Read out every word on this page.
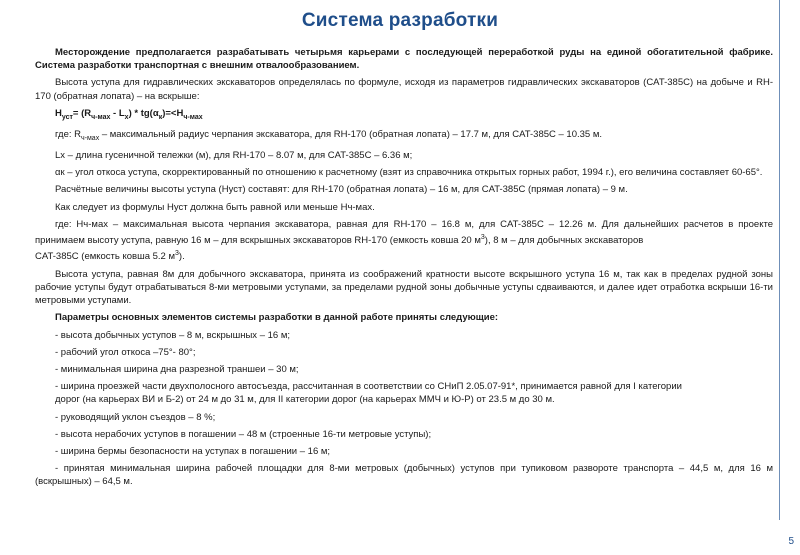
Система разработки

Месторождение предполагается разрабатывать четырьмя карьерами с последующей переработкой руды на единой обогатительной фабрике. Система разработки транспортная с внешним отвалообразованием.

Высота уступа для гидравлических экскаваторов определялась по формуле, исходя из параметров гидравлических экскаваторов (CAT-385C) на добыче и RH-170 (обратная лопата) – на вскрыше:

$H_{уст}= (R_{ч-мах} - L_х) * tg(\alpha_к)=<H_{ч-мах}$

где: $R_{ч-мах}$ – максимальный радиус черпания экскаватора, для RH-170 (обратная лопата) – 17.7 м, для CAT-385C – 10.35 м.

Lх – длина гусеничной тележки (м), для RH-170 – 8.07 м, для CAT-385C – 6.36 м;

αк – угол откоса уступа, скорректированный по отношению к расчетному (взят из справочника открытых горных работ, 1994 г.), его величина составляет 60-65°.

Расчётные величины высоты уступа (Нуст) составят: для RH-170 (обратная лопата) – 16 м, для CAT-385C (прямая лопата) – 9 м.

Как следует из формулы Нуст должна быть равной или меньше Нч-мах.

где: Нч-мах – максимальная высота черпания экскаватора, равная для RH-170 – 16.8 м, для CAT-385C – 12.26 м. Для дальнейших расчетов в проекте принимаем высоту уступа, равную 16 м – для вскрышных экскаваторов RH-170 (емкость ковша 20 $м^3$), 8 м – для добычных экскаваторов
CAT-385C (емкость ковша 5.2 $м^3$).

Высота уступа, равная 8м для добычного экскаватора, принята из соображений кратности высоте вскрышного уступа 16 м, так как в пределах рудной зоны рабочие уступы будут отрабатываться 8-ми метровыми уступами, за пределами рудной зоны добычные уступы сдваиваются, и далее идет отработка вскрыши 16-ти метровыми уступами.

Параметры основных элементов системы разработки в данной работе приняты следующие:

- высота добычных уступов – 8 м, вскрышных – 16 м;

- рабочий угол откоса –75°- 80°;

- минимальная ширина дна разрезной траншеи – 30 м;

- ширина проезжей части двухполосного автосъезда, рассчитанная в соответствии со СНиП 2.05.07-91*, принимается равной для I категории

дорог (на карьерах ВИ и Б-2) от 24 м до 31 м, для II категории дорог (на карьерах ММЧ и Ю-Р) от 23.5 м до 30 м.

- руководящий уклон съездов – 8 %;

- высота нерабочих уступов в погашении – 48 м (строенные 16-ти метровые уступы);

- ширина бермы безопасности на уступах в погашении – 16 м;

- принятая минимальная ширина рабочей площадки для 8-ми метровых (добычных) уступов при тупиковом развороте транспорта – 44,5 м, для 16 м (вскрышных) – 64,5 м.

5
